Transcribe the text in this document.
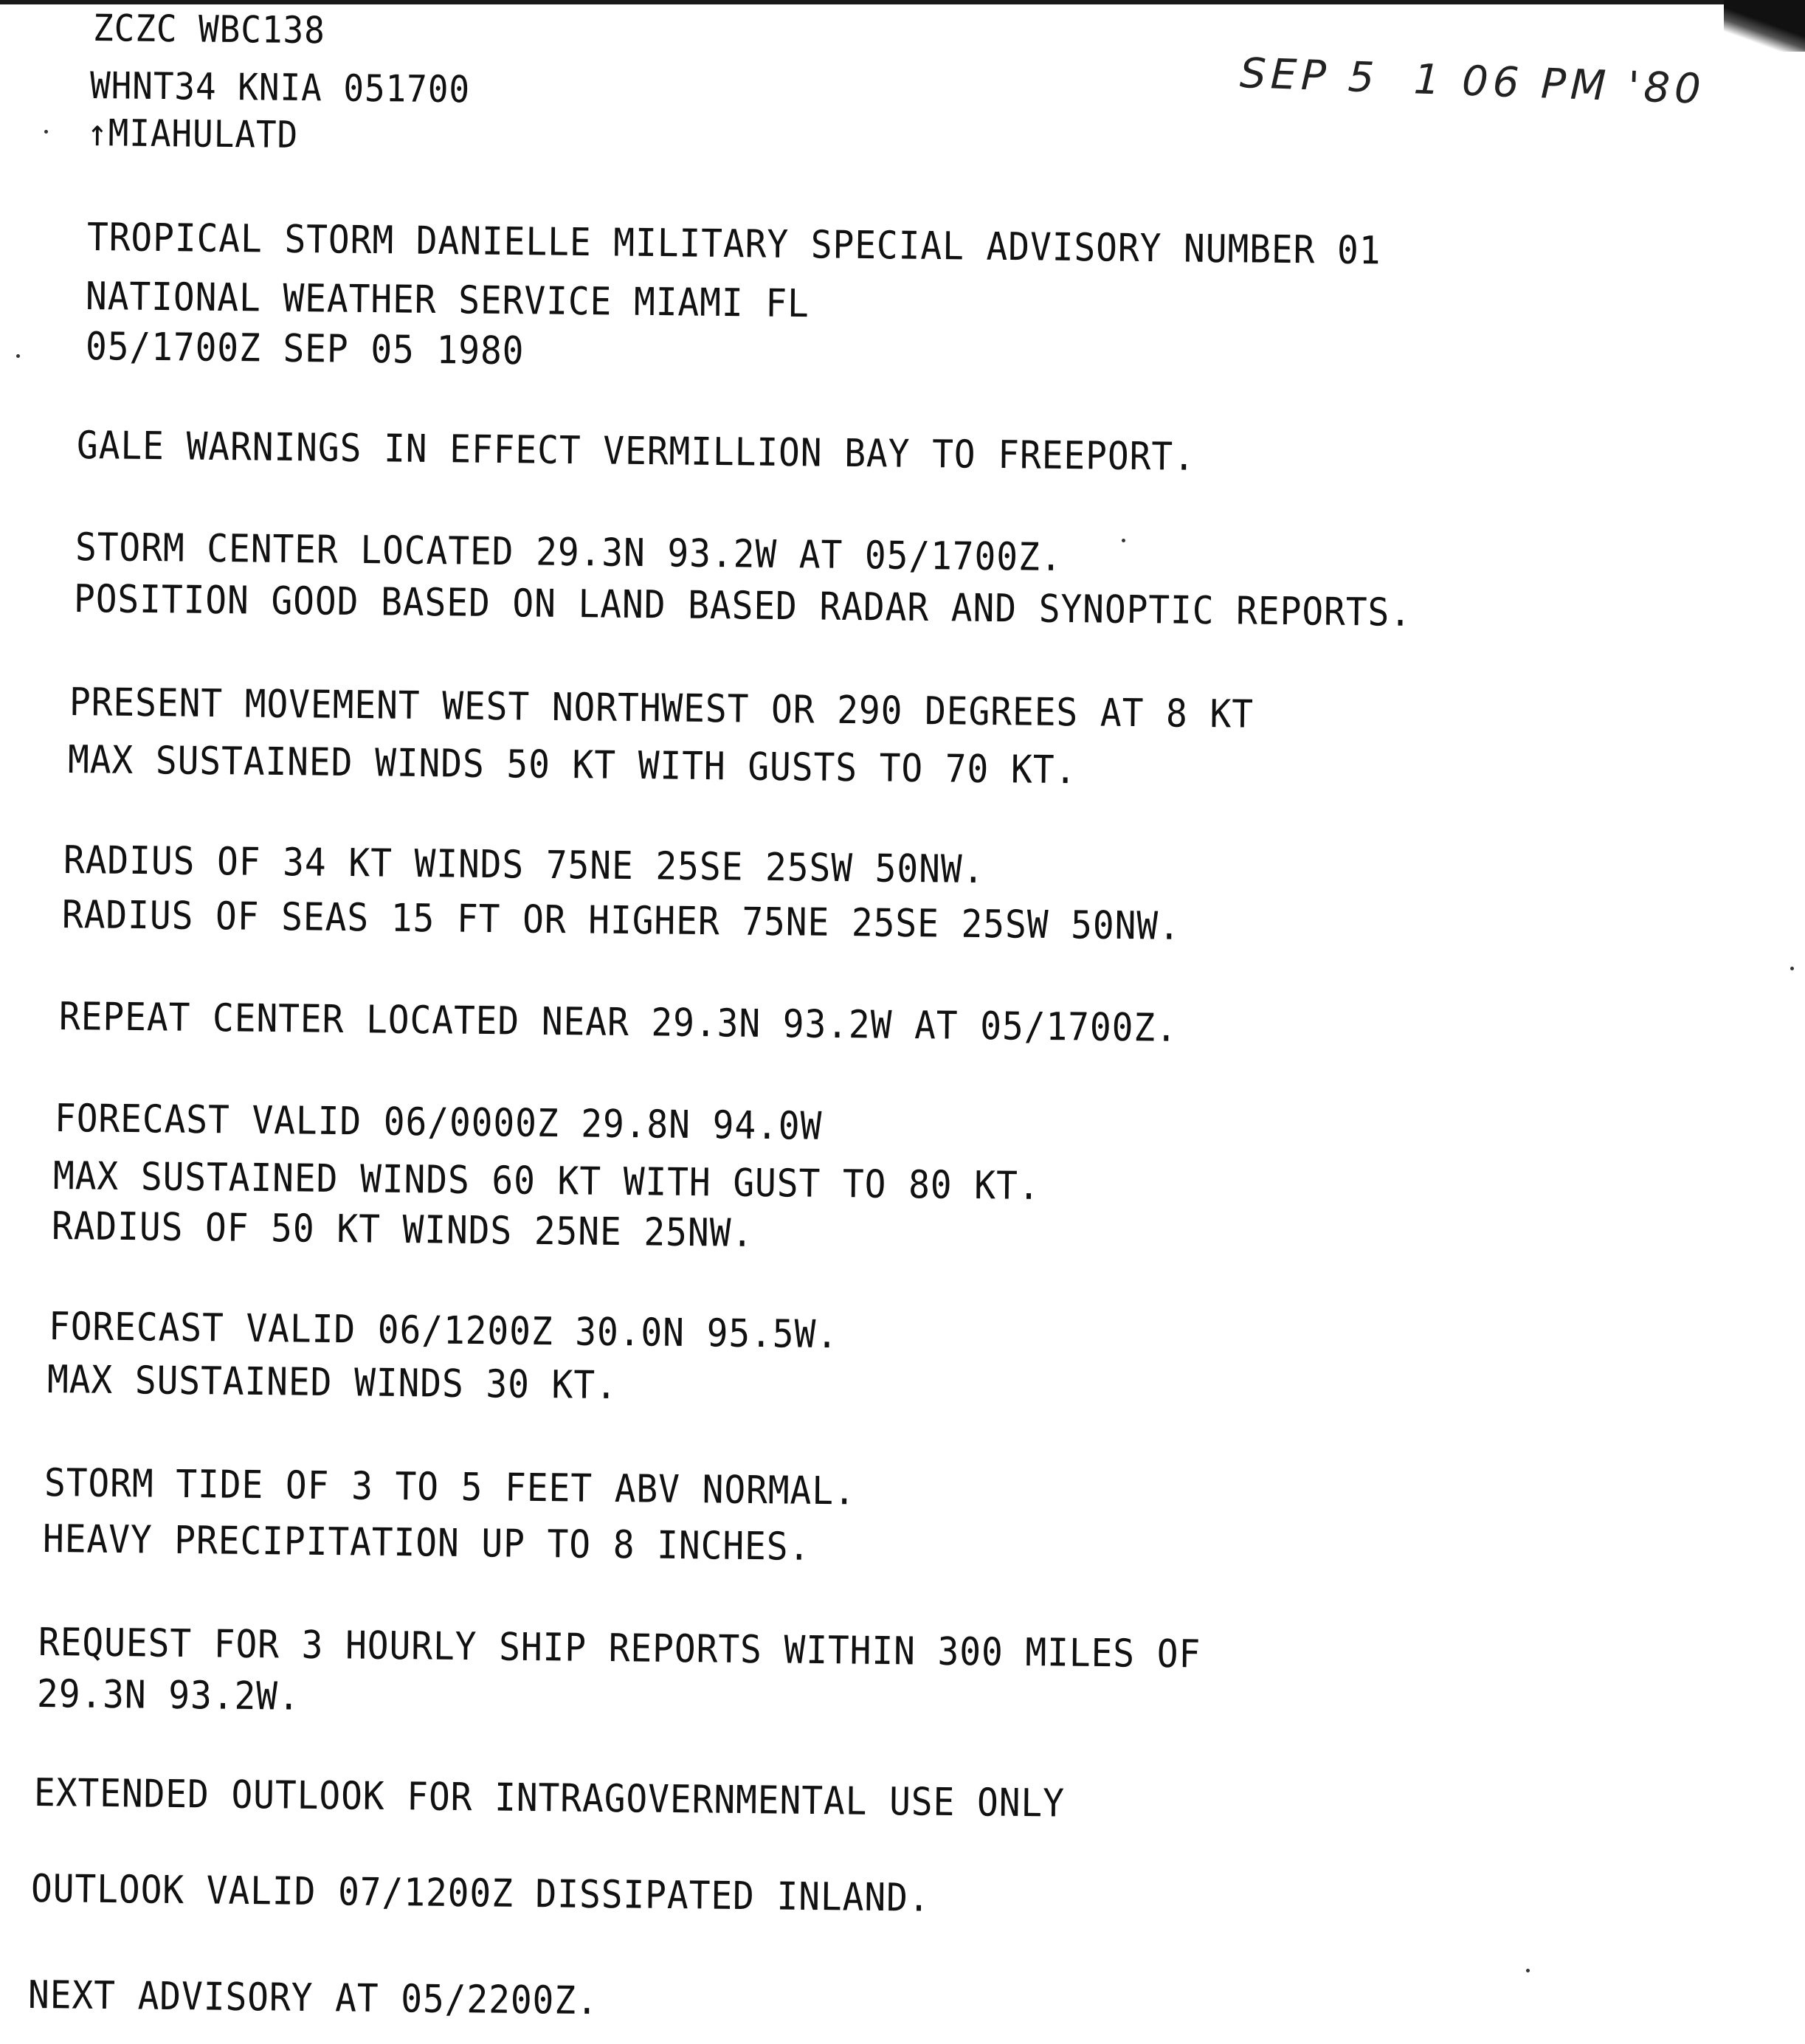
ZCZC WBC138
WHNT34 KNIA 051700
↑MIAHULATD
SEP 5  1 06 PM '80
TROPICAL STORM DANIELLE MILITARY SPECIAL ADVISORY NUMBER 01
NATIONAL WEATHER SERVICE MIAMI FL
05/1700Z SEP 05 1980
GALE WARNINGS IN EFFECT VERMILLION BAY TO FREEPORT.
STORM CENTER LOCATED 29.3N 93.2W AT 05/1700Z.
POSITION GOOD BASED ON LAND BASED RADAR AND SYNOPTIC REPORTS.
PRESENT MOVEMENT WEST NORTHWEST OR 290 DEGREES AT 8 KT
MAX SUSTAINED WINDS 50 KT WITH GUSTS TO 70 KT.
RADIUS OF 34 KT WINDS 75NE 25SE 25SW 50NW.
RADIUS OF SEAS 15 FT OR HIGHER 75NE 25SE 25SW 50NW.
REPEAT CENTER LOCATED NEAR 29.3N 93.2W AT 05/1700Z.
FORECAST VALID 06/0000Z 29.8N 94.0W
MAX SUSTAINED WINDS 60 KT WITH GUST TO 80 KT.
RADIUS OF 50 KT WINDS 25NE 25NW.
FORECAST VALID 06/1200Z 30.0N 95.5W.
MAX SUSTAINED WINDS 30 KT.
STORM TIDE OF 3 TO 5 FEET ABV NORMAL.
HEAVY PRECIPITATION UP TO 8 INCHES.
REQUEST FOR 3 HOURLY SHIP REPORTS WITHIN 300 MILES OF
29.3N 93.2W.
EXTENDED OUTLOOK FOR INTRAGOVERNMENTAL USE ONLY
OUTLOOK VALID 07/1200Z DISSIPATED INLAND.
NEXT ADVISORY AT 05/2200Z.
